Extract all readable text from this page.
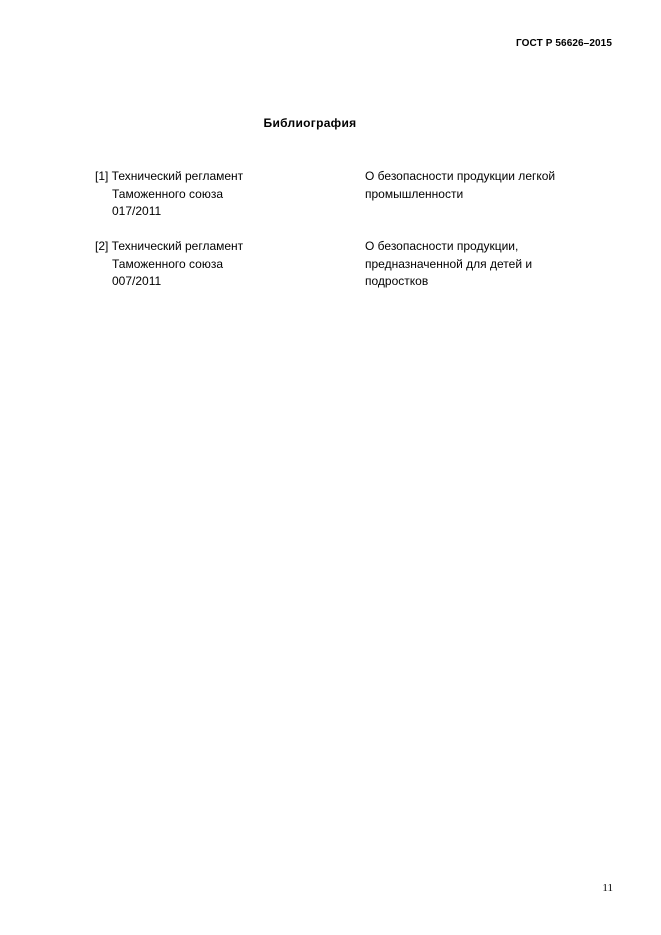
ГОСТ Р 56626–2015
Библиография
[1] Технический регламент
Таможенного союза
017/2011
О безопасности продукции легкой
промышленности
[2] Технический регламент
Таможенного союза
007/2011
О безопасности продукции,
предназначенной для детей и
подростков
11
